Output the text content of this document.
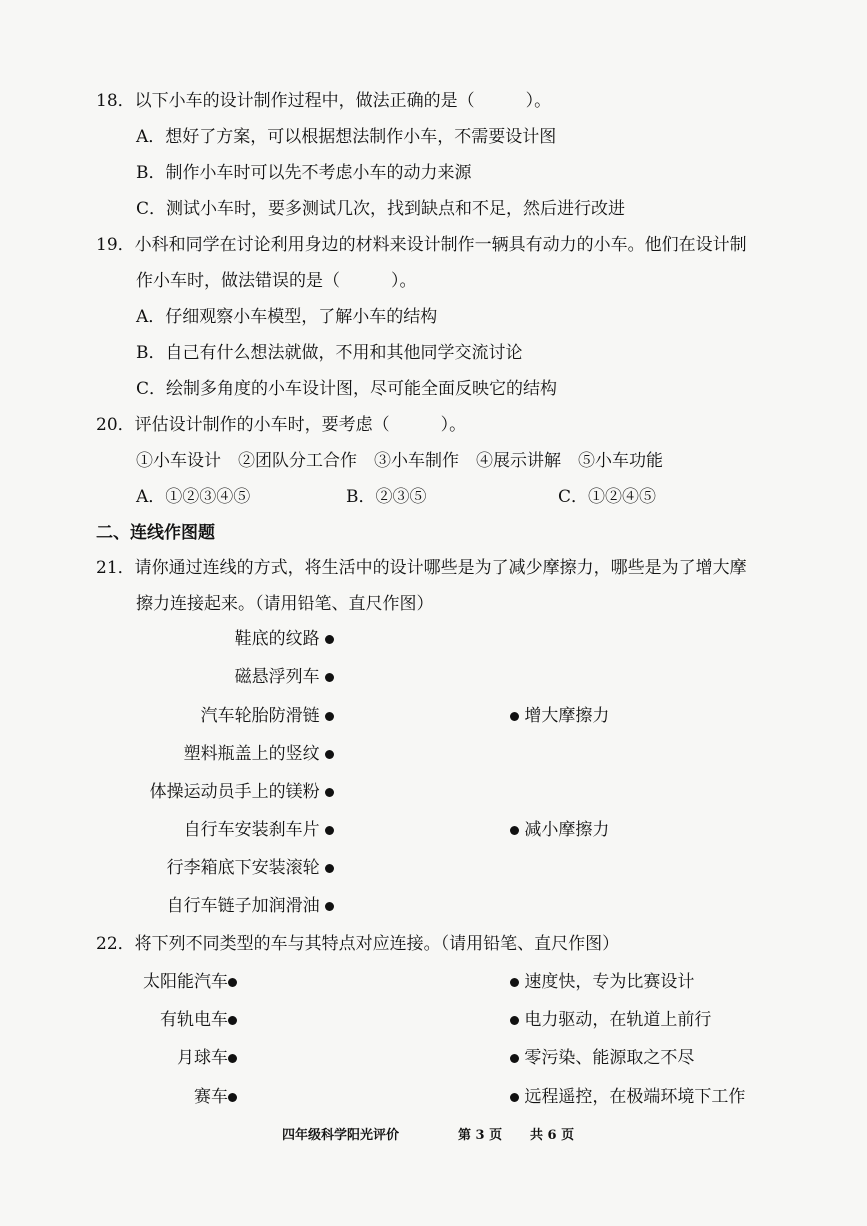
18．以下小车的设计制作过程中，做法正确的是（　　　）。
A．想好了方案，可以根据想法制作小车，不需要设计图
B．制作小车时可以先不考虑小车的动力来源
C．测试小车时，要多测试几次，找到缺点和不足，然后进行改进
19．小科和同学在讨论利用身边的材料来设计制作一辆具有动力的小车。他们在设计制
作小车时，做法错误的是（　　　）。
A．仔细观察小车模型，了解小车的结构
B．自己有什么想法就做，不用和其他同学交流讨论
C．绘制多角度的小车设计图，尽可能全面反映它的结构
20．评估设计制作的小车时，要考虑（　　　）。
①小车设计　②团队分工合作　③小车制作　④展示讲解　⑤小车功能
A．①②③④⑤	B．②③⑤	C．①②④⑤
二、连线作图题
21．请你通过连线的方式，将生活中的设计哪些是为了减少摩擦力，哪些是为了增大摩
擦力连接起来。（请用铅笔、直尺作图）
鞋底的纹路
磁悬浮列车
汽车轮胎防滑链
塑料瓶盖上的竖纹
体操运动员手上的镁粉
自行车安装刹车片
行李箱底下安装滚轮
自行车链子加润滑油
增大摩擦力
减小摩擦力
22．将下列不同类型的车与其特点对应连接。（请用铅笔、直尺作图）
太阳能汽车
有轨电车
月球车
赛车
速度快，专为比赛设计
电力驱动，在轨道上前行
零污染、能源取之不尽
远程遥控，在极端环境下工作
四年级科学阳光评价	第 3 页 共 6 页
